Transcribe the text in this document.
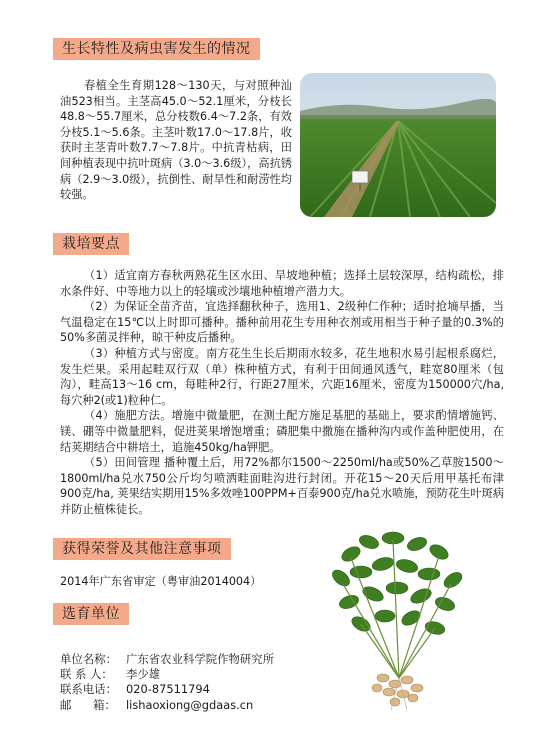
生长特性及病虫害发生的情况

春植全生育期128～130天，与对照种汕油523相当。主茎高45.0～52.1厘米，分枝长48.8～55.7厘米，总分枝数6.4～7.2条，有效分枝5.1～5.6条。主茎叶数17.0～17.8片，收获时主茎青叶数7.7～7.8片。中抗青枯病，田间种植表现中抗叶斑病（3.0～3.6级），高抗锈病（2.9～3.0级），抗倒性、耐旱性和耐涝性均较强。

栽培要点

（1）适宜南方春秋两熟花生区水田、旱坡地种植；选择土层较深厚，结构疏松，排水条件好、中等地力以上的轻壤或沙壤地种植增产潜力大。

（2）为保证全苗齐苗，宜选择翻秋种子，选用1、2级种仁作种；适时抢墒早播，当气温稳定在15℃以上时即可播种。播种前用花生专用种衣剂或用相当于种子量的0.3%的50%多菌灵拌种，晾干种皮后播种。

（3）种植方式与密度。南方花生生长后期雨水较多，花生地积水易引起根系腐烂，发生烂果。采用起畦双行双（单）株种植方式，有利于田间通风透气，畦宽80厘米（包沟），畦高13～16 cm，每畦种2行，行距27厘米，穴距16厘米，密度为150000穴/ha,每穴种2(或1)粒种仁。

（4）施肥方法。增施中微量肥，在测土配方施足基肥的基础上，要求酌情增施钙、镁、硼等中微量肥料，促进荚果增饱增重；磷肥集中撒施在播种沟内或作盖种肥使用，在结荚期结合中耕培土，追施450kg/ha钾肥。

（5）田间管理 播种覆土后，用72%都尔1500～2250ml/ha或50%乙草胺1500～1800ml/ha兑水750公斤均匀喷洒畦面畦沟进行封闭。开花15～20天后用甲基托布津900克/ha, 荚果结实期用15%多效唑100PPM+百泰900克/ha兑水喷施，预防花生叶斑病并防止植株徒长。

获得荣誉及其他注意事项

2014年广东省审定（粤审油2014004）

选育单位
单位名称： 广东省农业科学院作物研究所
联 系 人：	李少雄
联系电话： 020-87511794
邮      箱： lishaoxiong@gdaas.cn
